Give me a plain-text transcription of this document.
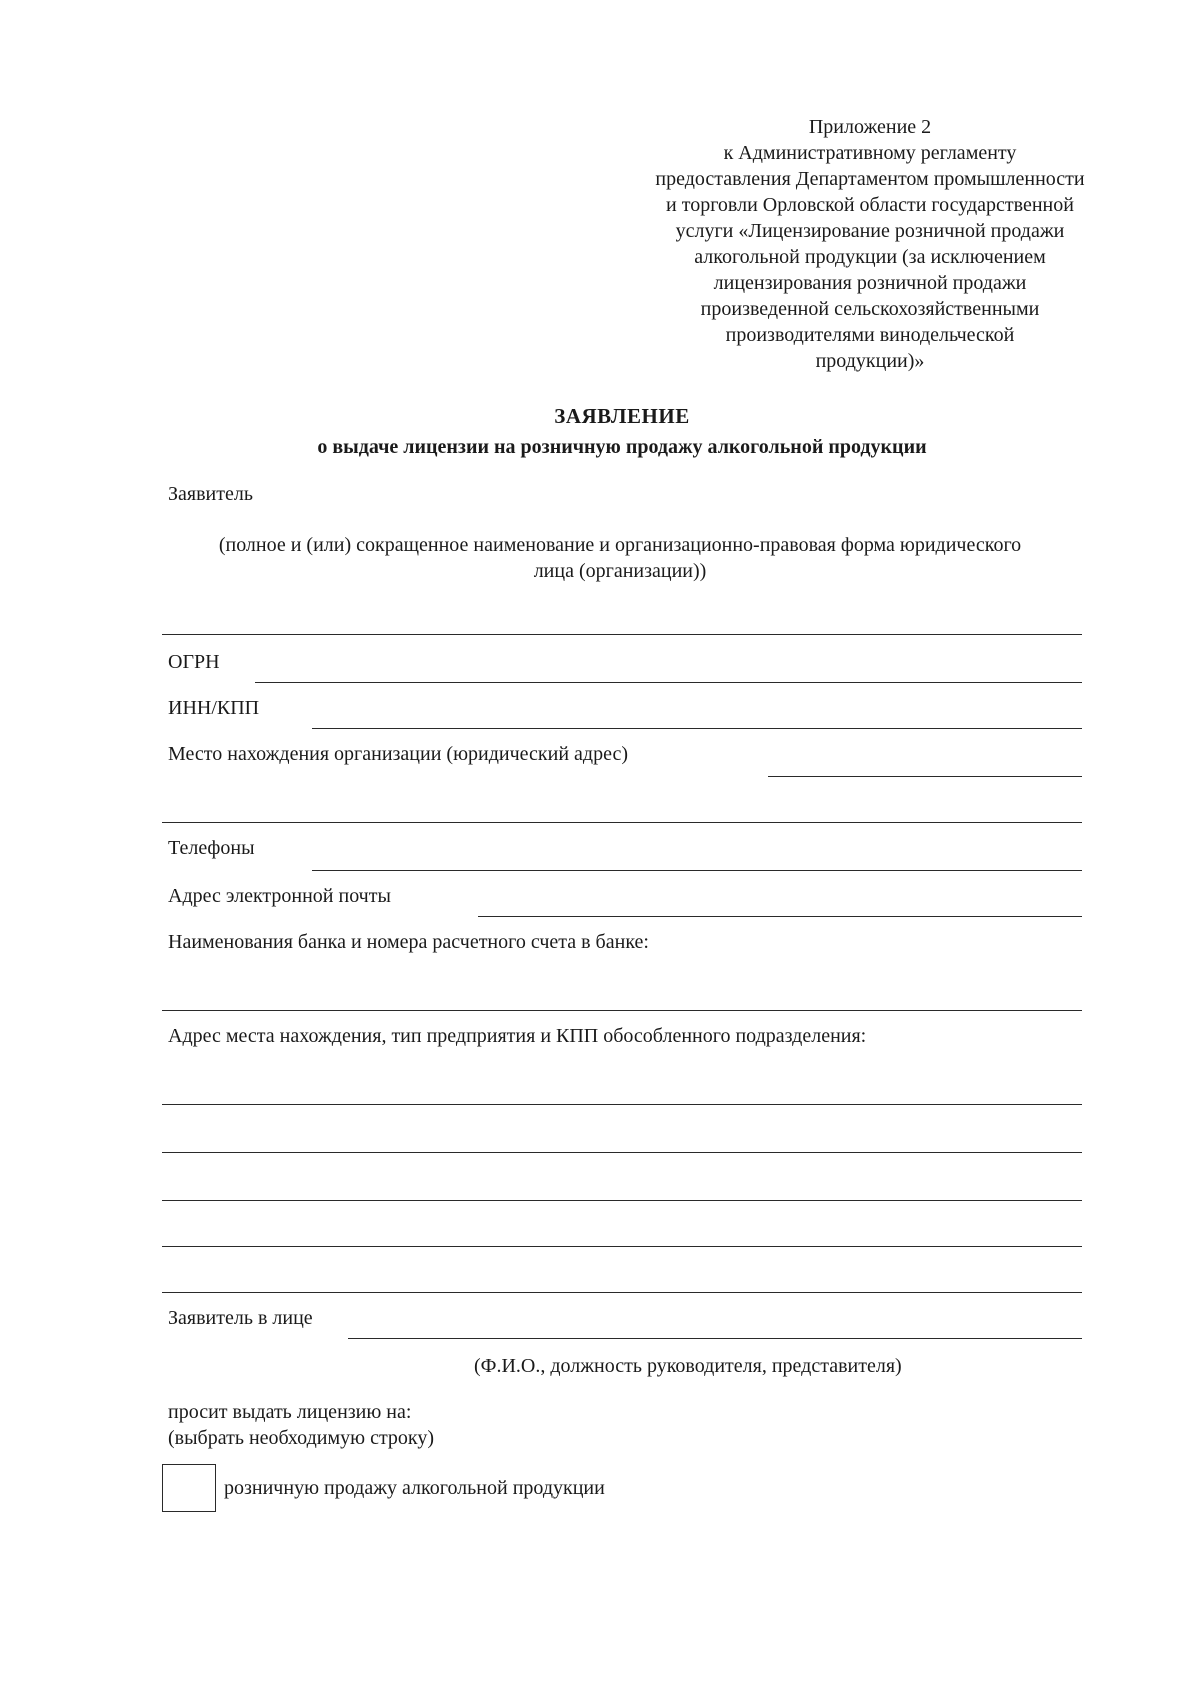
Приложение 2
к Административному регламенту
предоставления Департаментом промышленности
и торговли Орловской области государственной
услуги «Лицензирование розничной продажи
алкогольной продукции (за исключением
лицензирования розничной продажи
произведенной сельскохозяйственными
производителями винодельческой
продукции)»
ЗАЯВЛЕНИЕ
о выдаче лицензии на розничную продажу алкогольной продукции
Заявитель
(полное и (или) сокращенное наименование и организационно-правовая форма юридического
лица (организации))
ОГРН
ИНН/КПП
Место нахождения организации (юридический адрес)
Телефоны
Адрес электронной почты
Наименования банка и номера расчетного счета в банке:
Адрес места нахождения, тип предприятия и КПП обособленного подразделения:
Заявитель в лице
(Ф.И.О., должность руководителя, представителя)
просит выдать лицензию на:
(выбрать необходимую строку)
розничную продажу алкогольной продукции
